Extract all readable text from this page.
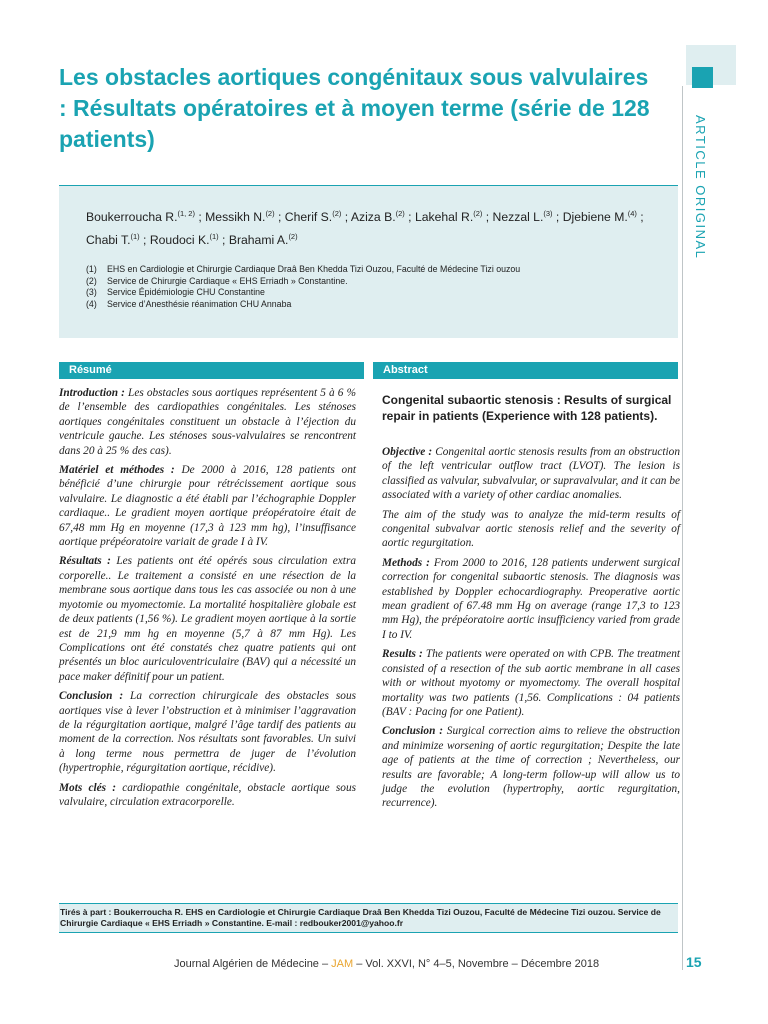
ARTICLE ORIGINAL
Les obstacles aortiques congénitaux sous valvulaires : Résultats opératoires et à moyen terme (série de 128 patients)
Boukerroucha R.$^{(1, 2)}$ ; Messikh N.$^{(2)}$ ; Cherif S.$^{(2)}$ ; Aziza B.$^{(2)}$ ; Lakehal R.$^{(2)}$ ; Nezzal L.$^{(3)}$ ; Djebiene M.$^{(4)}$ ; Chabi T.$^{(1)}$ ; Roudoci K.$^{(1)}$ ; Brahami A.$^{(2)}$
(1)	EHS en Cardiologie et Chirurgie Cardiaque Draâ Ben Khedda Tizi Ouzou, Faculté de Médecine Tizi ouzou
(2)	Service de Chirurgie Cardiaque « EHS Erriadh » Constantine.
(3)	Service Épidémiologie CHU Constantine
(4)	Service d’Anesthésie réanimation CHU Annaba
Résumé	Abstract

Introduction : Les obstacles sous aortiques représentent 5 à 6 % de l’ensemble des cardiopathies congénitales. Les sténoses aortiques congénitales constituent un obstacle à l’éjection du ventricule gauche. Les sténoses sous-valvulaires se rencontrent dans 20 à 25 % des cas).

Matériel et méthodes : De 2000 à 2016, 128 patients ont bénéficié d’une chirurgie pour rétrécissement aortique sous valvulaire. Le diagnostic a été établi par l’échographie Doppler cardiaque.. Le gradient moyen aortique préopératoire était de 67,48 mm Hg en moyenne (17,3 à 123 mm hg), l’insuffisance aortique prépéoratoire variait de grade I à IV.

Résultats : Les patients ont été opérés sous circulation extra corporelle.. Le traitement a consisté en une résection de la membrane sous aortique dans tous les cas associée ou non à une myotomie ou myomectomie. La mortalité hospitalière globale est de deux patients (1,56 %). Le gradient moyen aortique à la sortie est de 21,9 mm hg en moyenne (5,7 à 87 mm Hg). Les Complications ont été constatés chez quatre patients qui ont présentés un bloc auriculoventriculaire (BAV) qui a nécessité un pace maker définitif pour un patient.

Conclusion : La correction chirurgicale des obstacles sous aortiques vise à lever l’obstruction et à minimiser l’aggravation de la régurgitation aortique, malgré l’âge tardif des patients au moment de la correction. Nos résultats sont favorables. Un suivi à long terme nous permettra de juger de l’évolution (hypertrophie, régurgitation aortique, récidive).

Mots clés : cardiopathie congénitale, obstacle aortique sous valvulaire, circulation extracorporelle.

Congenital subaortic stenosis : Results of surgical repair in patients (Experience with 128 patients).

Objective : Congenital aortic stenosis results from an obstruction of the left ventricular outflow tract (LVOT). The lesion is classified as valvular, subvalvular, or supravalvular, and it can be associated with a variety of other cardiac anomalies.

The aim of the study was to analyze the mid-term results of congenital subvalvar aortic stenosis relief and the severity of aortic regurgitation.

Methods : From 2000 to 2016, 128 patients underwent surgical correction for congenital subaortic stenosis. The diagnosis was established by Doppler echocardiography. Preoperative aortic mean gradient of 67.48 mm Hg on average (range 17,3 to 123 mm Hg), the prépéoratoire aortic insufficiency varied from grade I to IV.

Results : The patients were operated on with CPB. The treatment consisted of a resection of the sub aortic membrane in all cases with or without myotomy or myomectomy. The overall hospital mortality was two patients (1,56. Complications : 04 patients (BAV : Pacing for one Patient).

Conclusion : Surgical correction aims to relieve the obstruction and minimize worsening of aortic regurgitation; Despite the late age of patients at the time of correction ; Nevertheless, our results are favorable; A long-term follow-up will allow us to judge the evolution (hypertrophy, aortic regurgitation, recurrence).

Tirés à part : Boukerroucha R. EHS en Cardiologie et Chirurgie Cardiaque Draâ Ben Khedda Tizi Ouzou, Faculté de Médecine Tizi ouzou. Service de Chirurgie Cardiaque « EHS Erriadh » Constantine. E-mail : redbouker2001@yahoo.fr
Journal Algérien de Médecine – JAM – Vol. XXVI, N° 4–5, Novembre – Décembre 2018	15
